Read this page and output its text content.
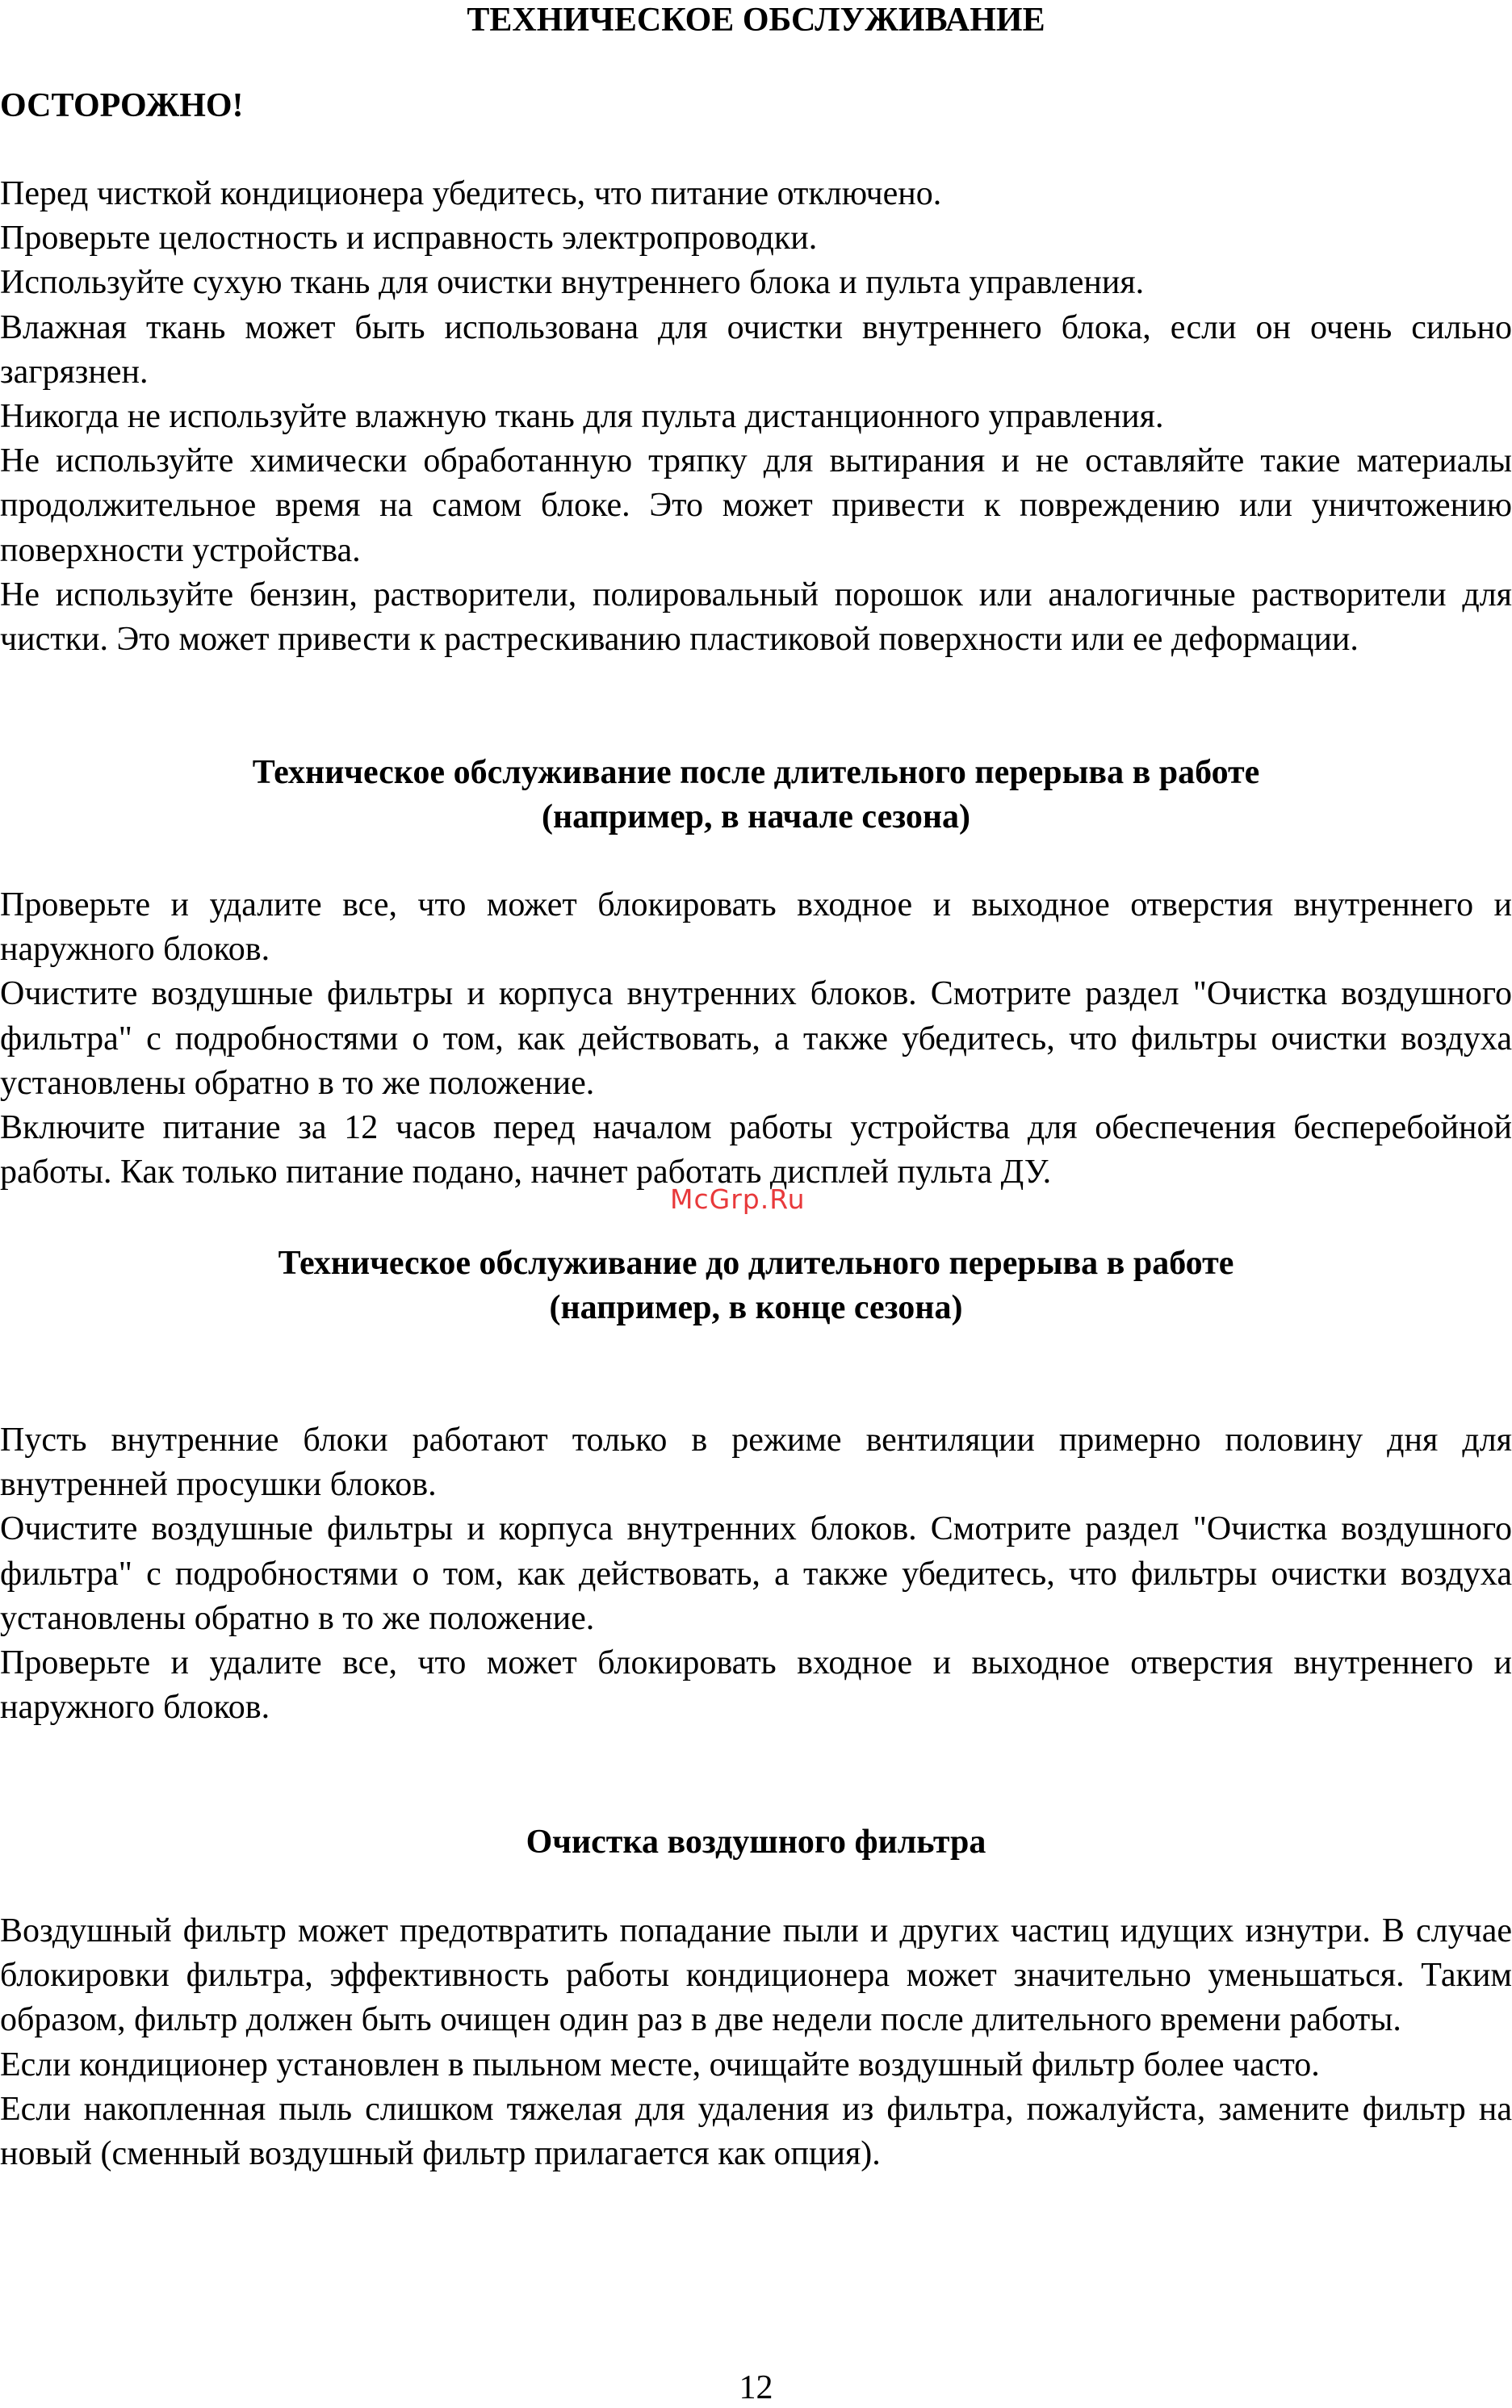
ТЕХНИЧЕСКОЕ ОБСЛУЖИВАНИЕ
ОСТОРОЖНО!

Перед чисткой кондиционера убедитесь, что питание отключено.

Проверьте целостность и исправность электропроводки.

Используйте сухую ткань для очистки внутреннего блока и пульта управления.

Влажная ткань может быть использована для очистки внутреннего блока, если он очень сильно загрязнен.

Никогда не используйте влажную ткань для пульта дистанционного управления.

Не используйте химически обработанную тряпку для вытирания и не оставляйте такие материалы продолжительное время на самом блоке. Это может привести к повреждению или уничтожению поверхности устройства.

Не используйте бензин, растворители, полировальный порошок или аналогичные растворители для чистки. Это может привести к растрескиванию пластиковой поверхности или ее деформации.

Техническое обслуживание после длительного перерыва в работе
(например, в начале сезона)

Проверьте и удалите все, что может блокировать входное и выходное отверстия внутреннего и наружного блоков.

Очистите воздушные фильтры и корпуса внутренних блоков. Смотрите раздел "Очистка воздушного фильтра" с подробностями о том, как действовать, а также убедитесь, что фильтры очистки воздуха установлены обратно в то же положение.

Включите питание за 12 часов перед началом работы устройства для обеспечения бесперебойной работы. Как только питание подано, начнет работать дисплей пульта ДУ.

McGrp.Ru
Техническое обслуживание до длительного перерыва в работе
(например, в конце сезона)

Пусть внутренние блоки работают только в режиме вентиляции примерно половину дня для внутренней просушки блоков.

Очистите воздушные фильтры и корпуса внутренних блоков. Смотрите раздел "Очистка воздушного фильтра" с подробностями о том, как действовать, а также убедитесь, что фильтры очистки воздуха установлены обратно в то же положение.

Проверьте и удалите все, что может блокировать входное и выходное отверстия внутреннего и наружного блоков.

Очистка воздушного фильтра

Воздушный фильтр может предотвратить попадание пыли и других частиц идущих изнутри. В случае блокировки фильтра, эффективность работы кондиционера может значительно уменьшаться. Таким образом, фильтр должен быть очищен один раз в две недели после длительного времени работы.

Если кондиционер установлен в пыльном месте, очищайте воздушный фильтр более часто.

Если накопленная пыль слишком тяжелая для удаления из фильтра, пожалуйста, замените фильтр на новый (сменный воздушный фильтр прилагается как опция).

12
